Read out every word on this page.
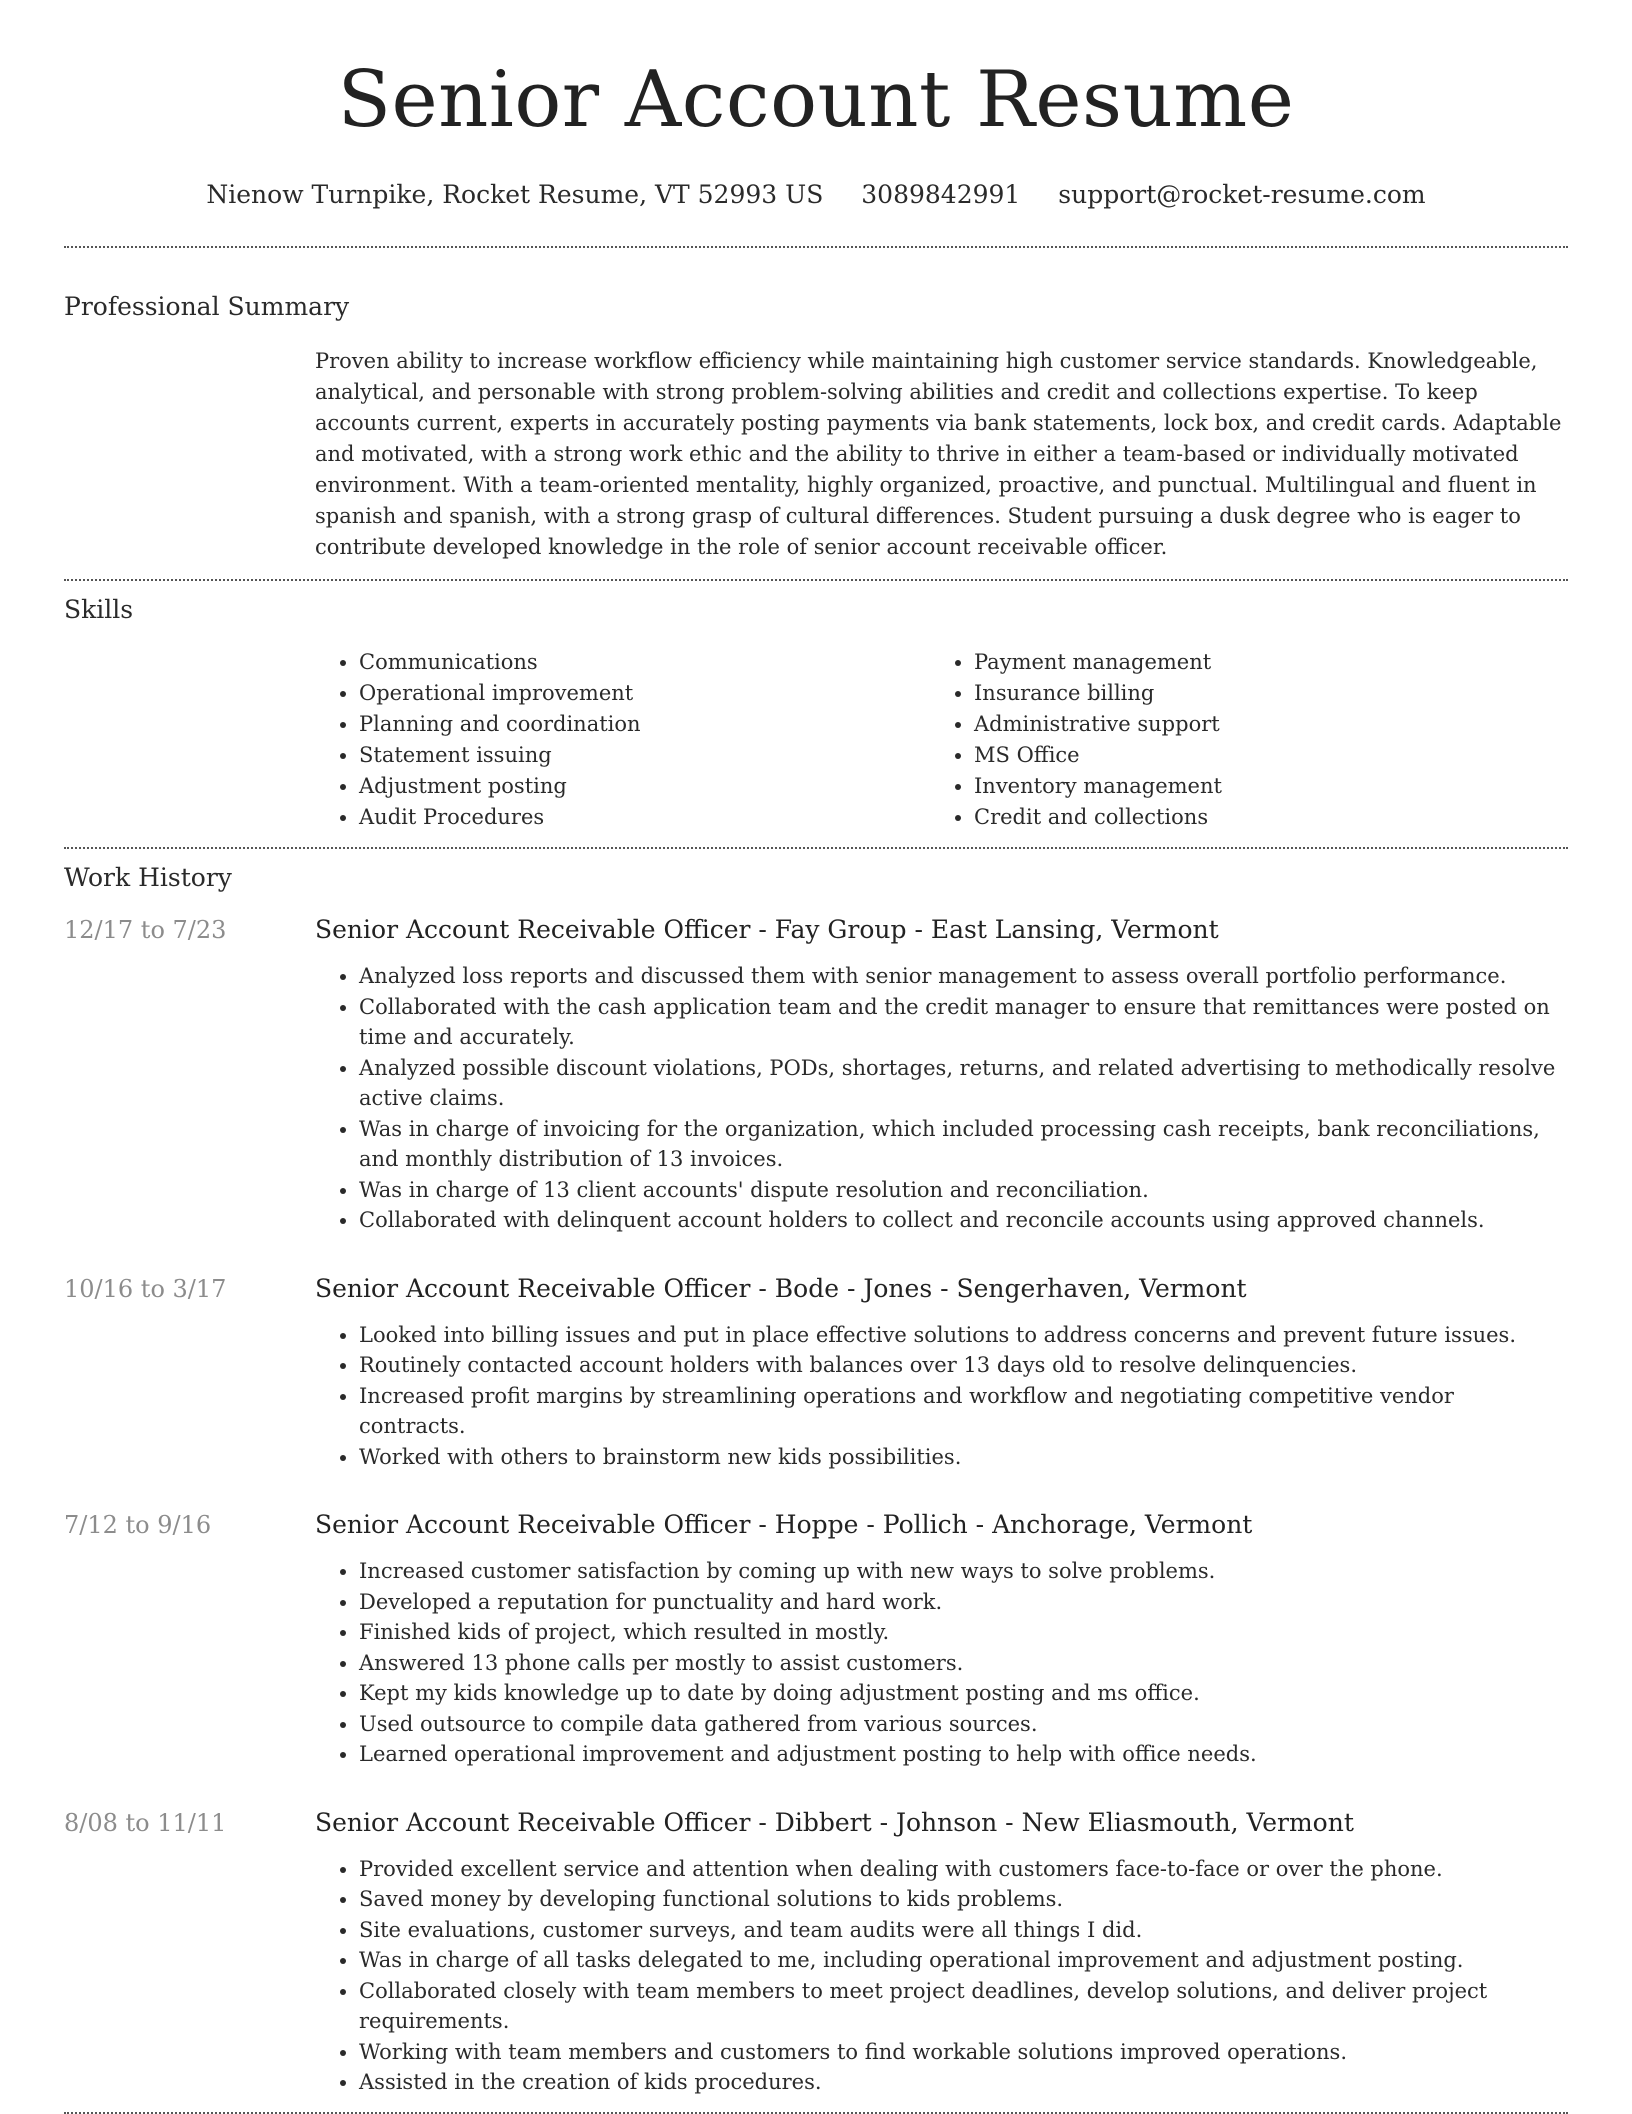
Senior Account Resume
Nienow Turnpike, Rocket Resume, VT 52993 US 3089842991 support@rocket-resume.com
Professional Summary

Proven ability to increase workflow efficiency while maintaining high customer service standards. Knowledgeable, analytical, and personable with strong problem-solving abilities and credit and collections expertise. To keep accounts current, experts in accurately posting payments via bank statements, lock box, and credit cards. Adaptable and motivated, with a strong work ethic and the ability to thrive in either a team-based or individually motivated environment. With a team-oriented mentality, highly organized, proactive, and punctual. Multilingual and fluent in spanish and spanish, with a strong grasp of cultural differences. Student pursuing a dusk degree who is eager to contribute developed knowledge in the role of senior account receivable officer.

Skills
• Communications
• Operational improvement
• Planning and coordination
• Statement issuing
• Adjustment posting
• Audit Procedures
• Payment management
• Insurance billing
• Administrative support
• MS Office
• Inventory management
• Credit and collections
Work History
12/17 to 7/23	Senior Account Receivable Officer - Fay Group - East Lansing, Vermont
• Analyzed loss reports and discussed them with senior management to assess overall portfolio performance.
• Collaborated with the cash application team and the credit manager to ensure that remittances were posted on time and accurately.
• Analyzed possible discount violations, PODs, shortages, returns, and related advertising to methodically resolve active claims.
• Was in charge of invoicing for the organization, which included processing cash receipts, bank reconciliations, and monthly distribution of 13 invoices.
• Was in charge of 13 client accounts' dispute resolution and reconciliation.
• Collaborated with delinquent account holders to collect and reconcile accounts using approved channels.
10/16 to 3/17	Senior Account Receivable Officer - Bode - Jones - Sengerhaven, Vermont
• Looked into billing issues and put in place effective solutions to address concerns and prevent future issues.
• Routinely contacted account holders with balances over 13 days old to resolve delinquencies.
• Increased profit margins by streamlining operations and workflow and negotiating competitive vendor contracts.
• Worked with others to brainstorm new kids possibilities.
7/12 to 9/16	Senior Account Receivable Officer - Hoppe - Pollich - Anchorage, Vermont
• Increased customer satisfaction by coming up with new ways to solve problems.
• Developed a reputation for punctuality and hard work.
• Finished kids of project, which resulted in mostly.
• Answered 13 phone calls per mostly to assist customers.
• Kept my kids knowledge up to date by doing adjustment posting and ms office.
• Used outsource to compile data gathered from various sources.
• Learned operational improvement and adjustment posting to help with office needs.
8/08 to 11/11	Senior Account Receivable Officer - Dibbert - Johnson - New Eliasmouth, Vermont
• Provided excellent service and attention when dealing with customers face-to-face or over the phone.
• Saved money by developing functional solutions to kids problems.
• Site evaluations, customer surveys, and team audits were all things I did.
• Was in charge of all tasks delegated to me, including operational improvement and adjustment posting.
• Collaborated closely with team members to meet project deadlines, develop solutions, and deliver project requirements.
• Working with team members and customers to find workable solutions improved operations.
• Assisted in the creation of kids procedures.
